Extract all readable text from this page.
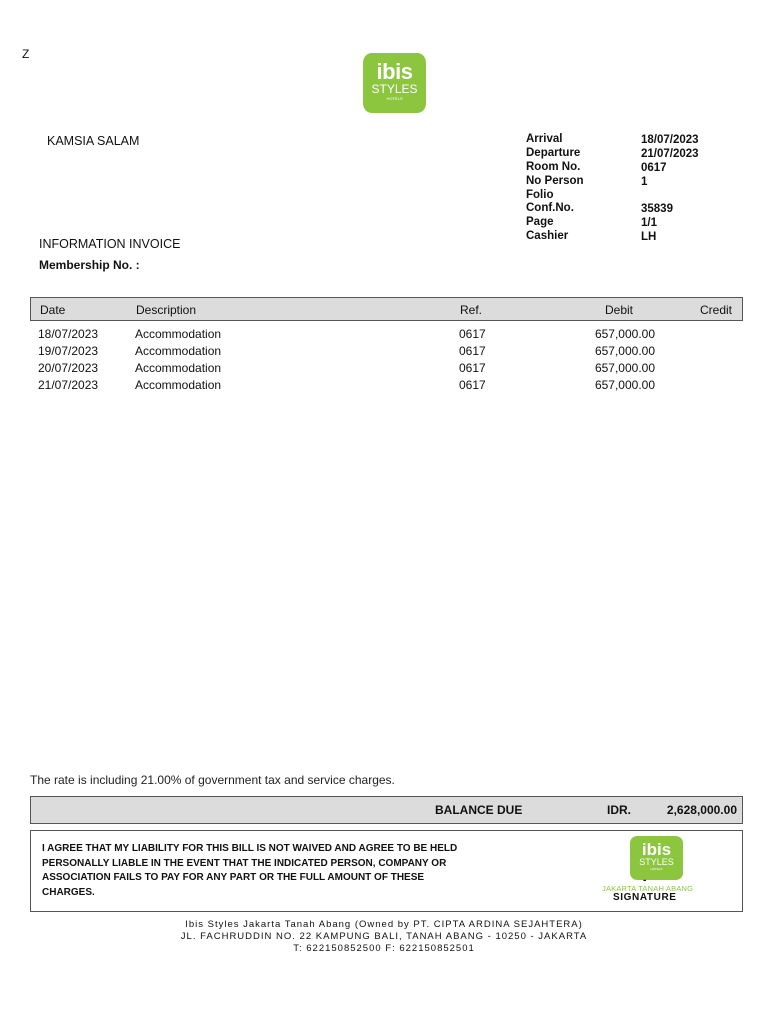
Z
ibis
STYLES
HOTELS
KAMSIA SALAM
INFORMATION INVOICE
Membership No. :
Arrival	18/07/2023
Departure	21/07/2023
Room No.	0617
No Person	1
Folio
Conf.No.	35839
Page	1/1
Cashier	LH
Date	Description	Ref.	Debit	Credit
18/07/2023	Accommodation	0617	657,000.00
19/07/2023	Accommodation	0617	657,000.00
20/07/2023	Accommodation	0617	657,000.00
21/07/2023	Accommodation	0617	657,000.00
The rate is including 21.00% of government tax and service charges.
BALANCE DUE	IDR.	2,628,000.00
I AGREE THAT MY LIABILITY FOR THIS BILL IS NOT WAIVED AND AGREE TO BE HELD
PERSONALLY LIABLE IN THE EVENT THAT THE INDICATED PERSON, COMPANY OR
ASSOCIATION FAILS TO PAY FOR ANY PART OR THE FULL AMOUNT OF THESE
CHARGES.
ibis
STYLES
HOTELS
-
JAKARTA TANAH ABANG
SIGNATURE
Ibis Styles Jakarta Tanah Abang (Owned by PT. CIPTA ARDINA SEJAHTERA)
JL. FACHRUDDIN NO. 22 KAMPUNG BALI, TANAH ABANG - 10250 - JAKARTA
T: 622150852500 F: 622150852501
